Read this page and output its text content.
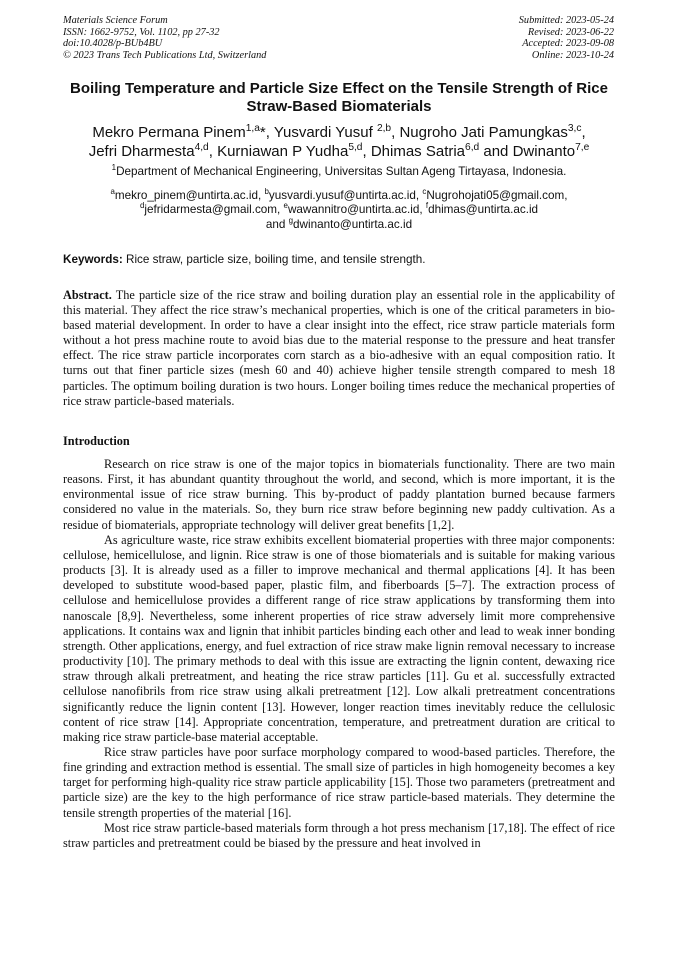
Materials Science Forum
ISSN: 1662-9752, Vol. 1102, pp 27-32
doi:10.4028/p-BUb4BU
© 2023 Trans Tech Publications Ltd, Switzerland
Submitted: 2023-05-24
Revised: 2023-06-22
Accepted: 2023-09-08
Online: 2023-10-24
Boiling Temperature and Particle Size Effect on the Tensile Strength of Rice Straw-Based Biomaterials
Mekro Permana Pinem$^{1,a}$*, Yusvardi Yusuf $^{2,b}$, Nugroho Jati Pamungkas$^{3,c}$,
Jefri Dharmesta$^{4,d}$, Kurniawan P Yudha$^{5,d}$, Dhimas Satria$^{6,d}$ and Dwinanto$^{7,e}$
$^1$Department of Mechanical Engineering, Universitas Sultan Ageng Tirtayasa, Indonesia.
$^a$mekro_pinem@untirta.ac.id, $^b$yusvardi.yusuf@untirta.ac.id, $^c$Nugrohojati05@gmail.com,
$^d$jefridarmesta@gmail.com, $^e$wawannitro@untirta.ac.id, $^f$dhimas@untirta.ac.id
and $^g$dwinanto@untirta.ac.id
Keywords: Rice straw, particle size, boiling time, and tensile strength.
Abstract. The particle size of the rice straw and boiling duration play an essential role in the applicability of this material. They affect the rice straw’s mechanical properties, which is one of the critical parameters in bio-based material development. In order to have a clear insight into the effect, rice straw particle materials form without a hot press machine route to avoid bias due to the material response to the pressure and heat transfer effect. The rice straw particle incorporates corn starch as a bio-adhesive with an equal composition ratio. It turns out that finer particle sizes (mesh 60 and 40) achieve higher tensile strength compared to mesh 18 particles. The optimum boiling duration is two hours. Longer boiling times reduce the mechanical properties of rice straw particle-based materials.
Introduction

Research on rice straw is one of the major topics in biomaterials functionality. There are two main reasons. First, it has abundant quantity throughout the world, and second, which is more important, it is the environmental issue of rice straw burning. This by-product of paddy plantation burned because farmers considered no value in the materials. So, they burn rice straw before beginning new paddy cultivation. As a residue of biomaterials, appropriate technology will deliver great benefits [1,2].

As agriculture waste, rice straw exhibits excellent biomaterial properties with three major components: cellulose, hemicellulose, and lignin. Rice straw is one of those biomaterials and is suitable for making various products [3]. It is already used as a filler to improve mechanical and thermal applications [4]. It has been developed to substitute wood-based paper, plastic film, and fiberboards [5–7]. The extraction process of cellulose and hemicellulose provides a different range of rice straw applications by transforming them into nanoscale [8,9]. Nevertheless, some inherent properties of rice straw adversely limit more comprehensive applications. It contains wax and lignin that inhibit particles binding each other and lead to weak inner bonding strength. Other applications, energy, and fuel extraction of rice straw make lignin removal necessary to increase productivity [10]. The primary methods to deal with this issue are extracting the lignin content, dewaxing rice straw through alkali pretreatment, and heating the rice straw particles [11]. Gu et al. successfully extracted cellulose nanofibrils from rice straw using alkali pretreatment [12]. Low alkali pretreatment concentrations significantly reduce the lignin content [13]. However, longer reaction times inevitably reduce the cellulosic content of rice straw [14]. Appropriate concentration, temperature, and pretreatment duration are critical to making rice straw particle-base material acceptable.

Rice straw particles have poor surface morphology compared to wood-based particles. Therefore, the fine grinding and extraction method is essential. The small size of particles in high homogeneity becomes a key target for performing high-quality rice straw particle applicability [15]. Those two parameters (pretreatment and particle size) are the key to the high performance of rice straw particle-based materials. They determine the tensile strength properties of the material [16].

Most rice straw particle-based materials form through a hot press mechanism [17,18]. The effect of rice straw particles and pretreatment could be biased by the pressure and heat involved in
